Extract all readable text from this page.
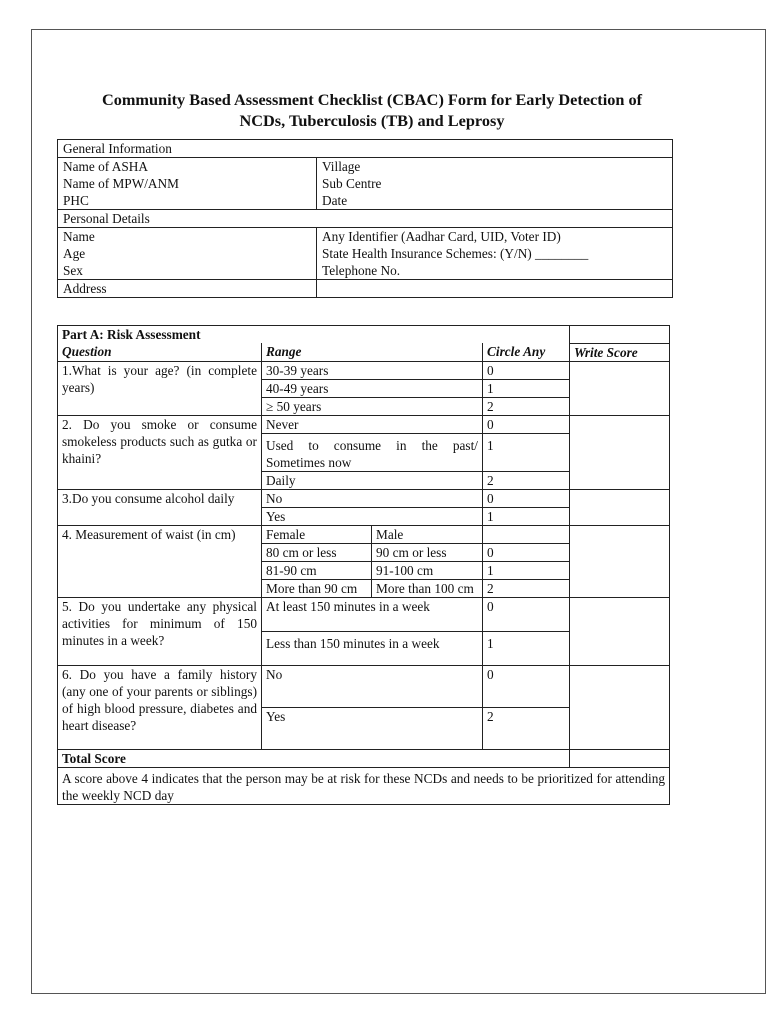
Community Based Assessment Checklist (CBAC) Form for Early Detection of
NCDs, Tuberculosis (TB) and Leprosy
General Information	
Name of ASHA	Village
Name of MPW/ANM	Sub Centre
PHC	Date
Personal Details	
Name	Any Identifier (Aadhar Card, UID, Voter ID)
Age	State Health Insurance Schemes: (Y/N) ________
Sex	Telephone No.
Address	
Part A: Risk Assessment				
Question	Range		Circle Any	Write Score
1.What is your age? (in complete years)	30-39 years		0	
	40-49 years		1	
	≥ 50 years		2	
2. Do you smoke or consume smokeless products such as gutka or khaini?	Never		0	
	Used to consume in the past/ Sometimes now		1	
	Daily		2	
3.Do you consume alcohol daily	No		0	
	Yes		1	
4. Measurement of waist (in cm)	Female	Male		
	80 cm or less	90 cm or less	0	
	81-90 cm	91-100 cm	1	
	More than 90 cm	More than 100 cm	2	
5. Do you undertake any physical activities for minimum of 150 minutes in a week?	At least 150 minutes in a week		0	
	Less than 150 minutes in a week		1	
6. Do you have a family history (any one of your parents or siblings) of high blood pressure, diabetes and heart disease?	No		0	
	Yes		2	
Total Score				
A score above 4 indicates that the person may be at risk for these NCDs and needs to be prioritized for attending the weekly NCD day				
